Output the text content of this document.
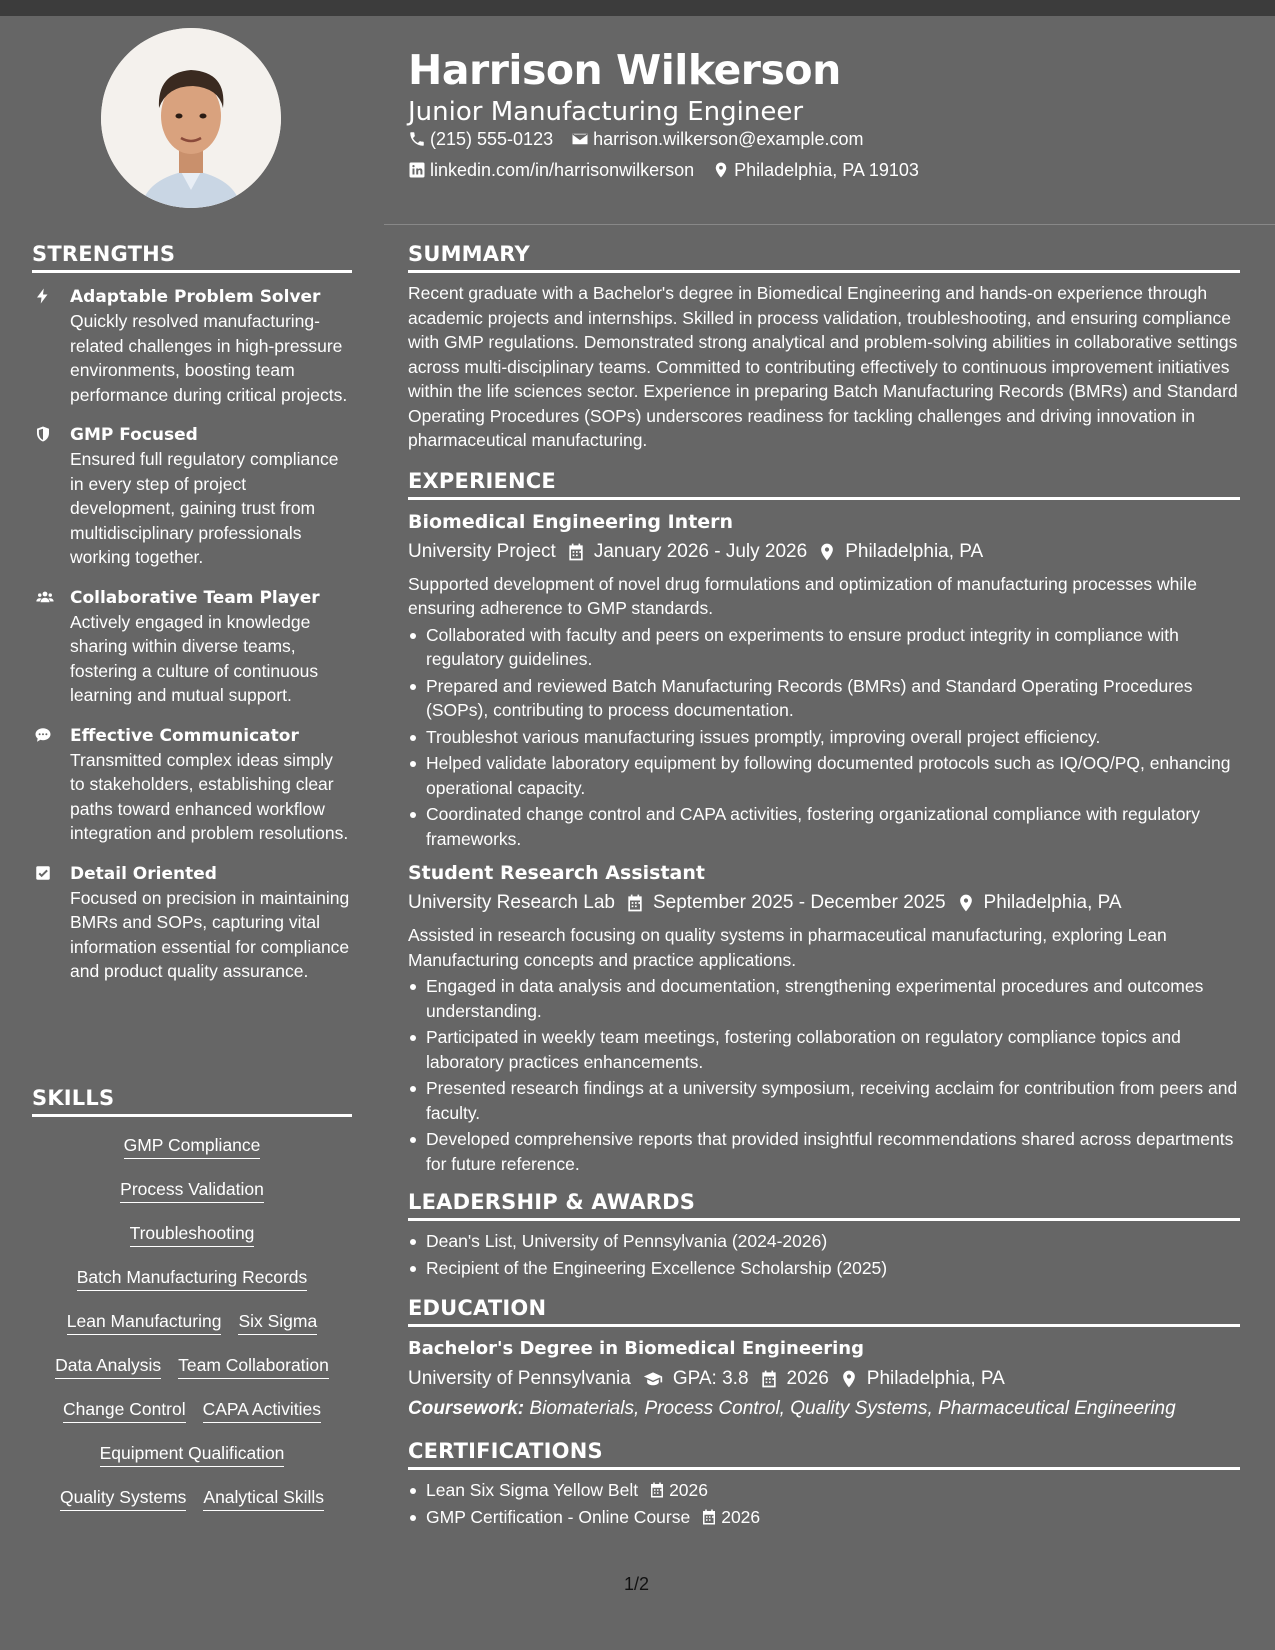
Harrison Wilkerson
Junior Manufacturing Engineer
(215) 555-0123 harrison.wilkerson@example.com
linkedin.com/in/harrisonwilkerson Philadelphia, PA 19103
STRENGTHS
Adaptable Problem Solver
Quickly resolved manufacturing-related challenges in high-pressure environments, boosting team performance during critical projects.
GMP Focused
Ensured full regulatory compliance in every step of project development, gaining trust from multidisciplinary professionals working together.
Collaborative Team Player
Actively engaged in knowledge sharing within diverse teams, fostering a culture of continuous learning and mutual support.
Effective Communicator
Transmitted complex ideas simply to stakeholders, establishing clear paths toward enhanced workflow integration and problem resolutions.
Detail Oriented
Focused on precision in maintaining BMRs and SOPs, capturing vital information essential for compliance and product quality assurance.
SKILLS
GMP Compliance
Process Validation
Troubleshooting
Batch Manufacturing Records
Lean Manufacturing Six Sigma
Data Analysis Team Collaboration
Change Control CAPA Activities
Equipment Qualification
Quality Systems Analytical Skills
SUMMARY
Recent graduate with a Bachelor's degree in Biomedical Engineering and hands-on experience through academic projects and internships. Skilled in process validation, troubleshooting, and ensuring compliance with GMP regulations. Demonstrated strong analytical and problem-solving abilities in collaborative settings across multi-disciplinary teams. Committed to contributing effectively to continuous improvement initiatives within the life sciences sector. Experience in preparing Batch Manufacturing Records (BMRs) and Standard Operating Procedures (SOPs) underscores readiness for tackling challenges and driving innovation in pharmaceutical manufacturing.
EXPERIENCE
Biomedical Engineering Intern
University Project January 2026 - July 2026 Philadelphia, PA
Supported development of novel drug formulations and optimization of manufacturing processes while ensuring adherence to GMP standards.
Collaborated with faculty and peers on experiments to ensure product integrity in compliance with regulatory guidelines.
Prepared and reviewed Batch Manufacturing Records (BMRs) and Standard Operating Procedures (SOPs), contributing to process documentation.
Troubleshot various manufacturing issues promptly, improving overall project efficiency.
Helped validate laboratory equipment by following documented protocols such as IQ/OQ/PQ, enhancing operational capacity.
Coordinated change control and CAPA activities, fostering organizational compliance with regulatory frameworks.
Student Research Assistant
University Research Lab September 2025 - December 2025 Philadelphia, PA
Assisted in research focusing on quality systems in pharmaceutical manufacturing, exploring Lean Manufacturing concepts and practice applications.
Engaged in data analysis and documentation, strengthening experimental procedures and outcomes understanding.
Participated in weekly team meetings, fostering collaboration on regulatory compliance topics and laboratory practices enhancements.
Presented research findings at a university symposium, receiving acclaim for contribution from peers and faculty.
Developed comprehensive reports that provided insightful recommendations shared across departments for future reference.
LEADERSHIP & AWARDS
Dean's List, University of Pennsylvania (2024-2026)
Recipient of the Engineering Excellence Scholarship (2025)
EDUCATION
Bachelor's Degree in Biomedical Engineering
University of Pennsylvania GPA: 3.8 2026 Philadelphia, PA
Coursework: Biomaterials, Process Control, Quality Systems, Pharmaceutical Engineering
CERTIFICATIONS
Lean Six Sigma Yellow Belt 2026
GMP Certification - Online Course 2026
1/2
